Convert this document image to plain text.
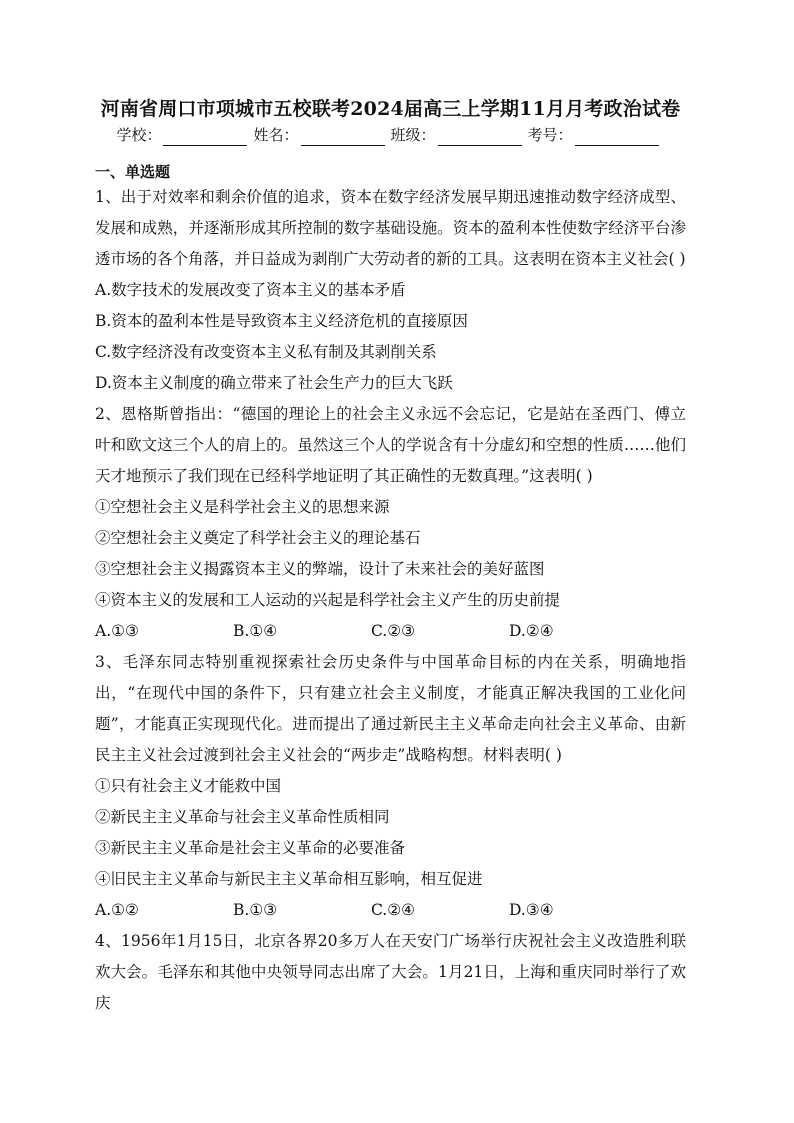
河南省周口市项城市五校联考2024届高三上学期11月月考政治试卷
学校：	姓名：	班级：	考号：
一、单选题

1、出于对效率和剩余价值的追求，资本在数字经济发展早期迅速推动数字经济成型、发展和成熟，并逐渐形成其所控制的数字基础设施。资本的盈利本性使数字经济平台渗透市场的各个角落，并日益成为剥削广大劳动者的新的工具。这表明在资本主义社会( )

A.数字技术的发展改变了资本主义的基本矛盾

B.资本的盈利本性是导致资本主义经济危机的直接原因

C.数字经济没有改变资本主义私有制及其剥削关系

D.资本主义制度的确立带来了社会生产力的巨大飞跃

2、恩格斯曾指出：“德国的理论上的社会主义永远不会忘记，它是站在圣西门、傅立叶和欧文这三个人的肩上的。虽然这三个人的学说含有十分虚幻和空想的性质……他们天才地预示了我们现在已经科学地证明了其正确性的无数真理。”这表明( )

①空想社会主义是科学社会主义的思想来源

②空想社会主义奠定了科学社会主义的理论基石

③空想社会主义揭露资本主义的弊端，设计了未来社会的美好蓝图

④资本主义的发展和工人运动的兴起是科学社会主义产生的历史前提

A.①③	B.①④	C.②③	D.②④

3、毛泽东同志特别重视探索社会历史条件与中国革命目标的内在关系，明确地指出，“在现代中国的条件下，只有建立社会主义制度，才能真正解决我国的工业化问题”，才能真正实现现代化。进而提出了通过新民主主义革命走向社会主义革命、由新民主主义社会过渡到社会主义社会的“两步走”战略构想。材料表明( )

①只有社会主义才能救中国

②新民主主义革命与社会主义革命性质相同

③新民主主义革命是社会主义革命的必要准备

④旧民主主义革命与新民主主义革命相互影响，相互促进

A.①②	B.①③	C.②④	D.③④

4、1956年1月15日，北京各界20多万人在天安门广场举行庆祝社会主义改造胜利联欢大会。毛泽东和其他中央领导同志出席了大会。1月21日，上海和重庆同时举行了欢庆
